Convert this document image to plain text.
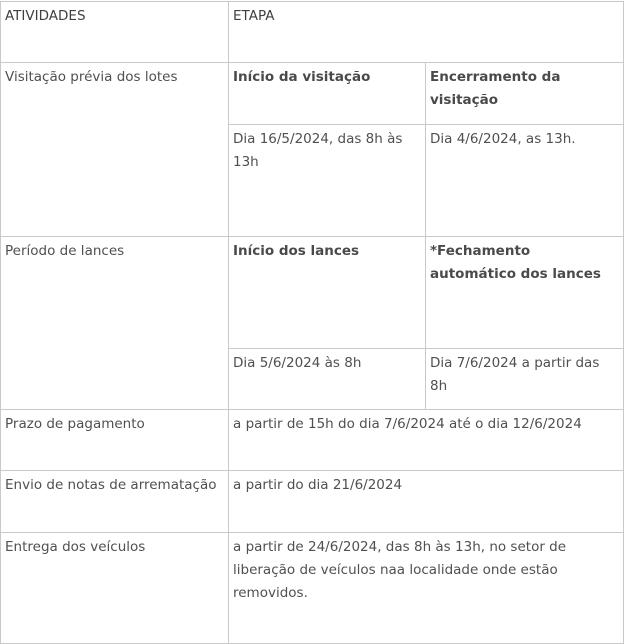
ATIVIDADES	ETAPA	
Visitação prévia dos lotes	Início da visitação	Encerramento da visitação
	Dia 16/5/2024, das 8h às 13h	Dia 4/6/2024, as 13h.
Período de lances	Início dos lances	*Fechamento automático dos lances
	Dia 5/6/2024 às 8h	Dia 7/6/2024 a partir das 8h
Prazo de pagamento	a partir de 15h do dia 7/6/2024 até o dia 12/6/2024	
Envio de notas de arrematação	a partir do dia 21/6/2024	
Entrega dos veículos	a partir de 24/6/2024, das 8h às 13h, no setor de liberação de veículos naa localidade onde estão removidos.	
